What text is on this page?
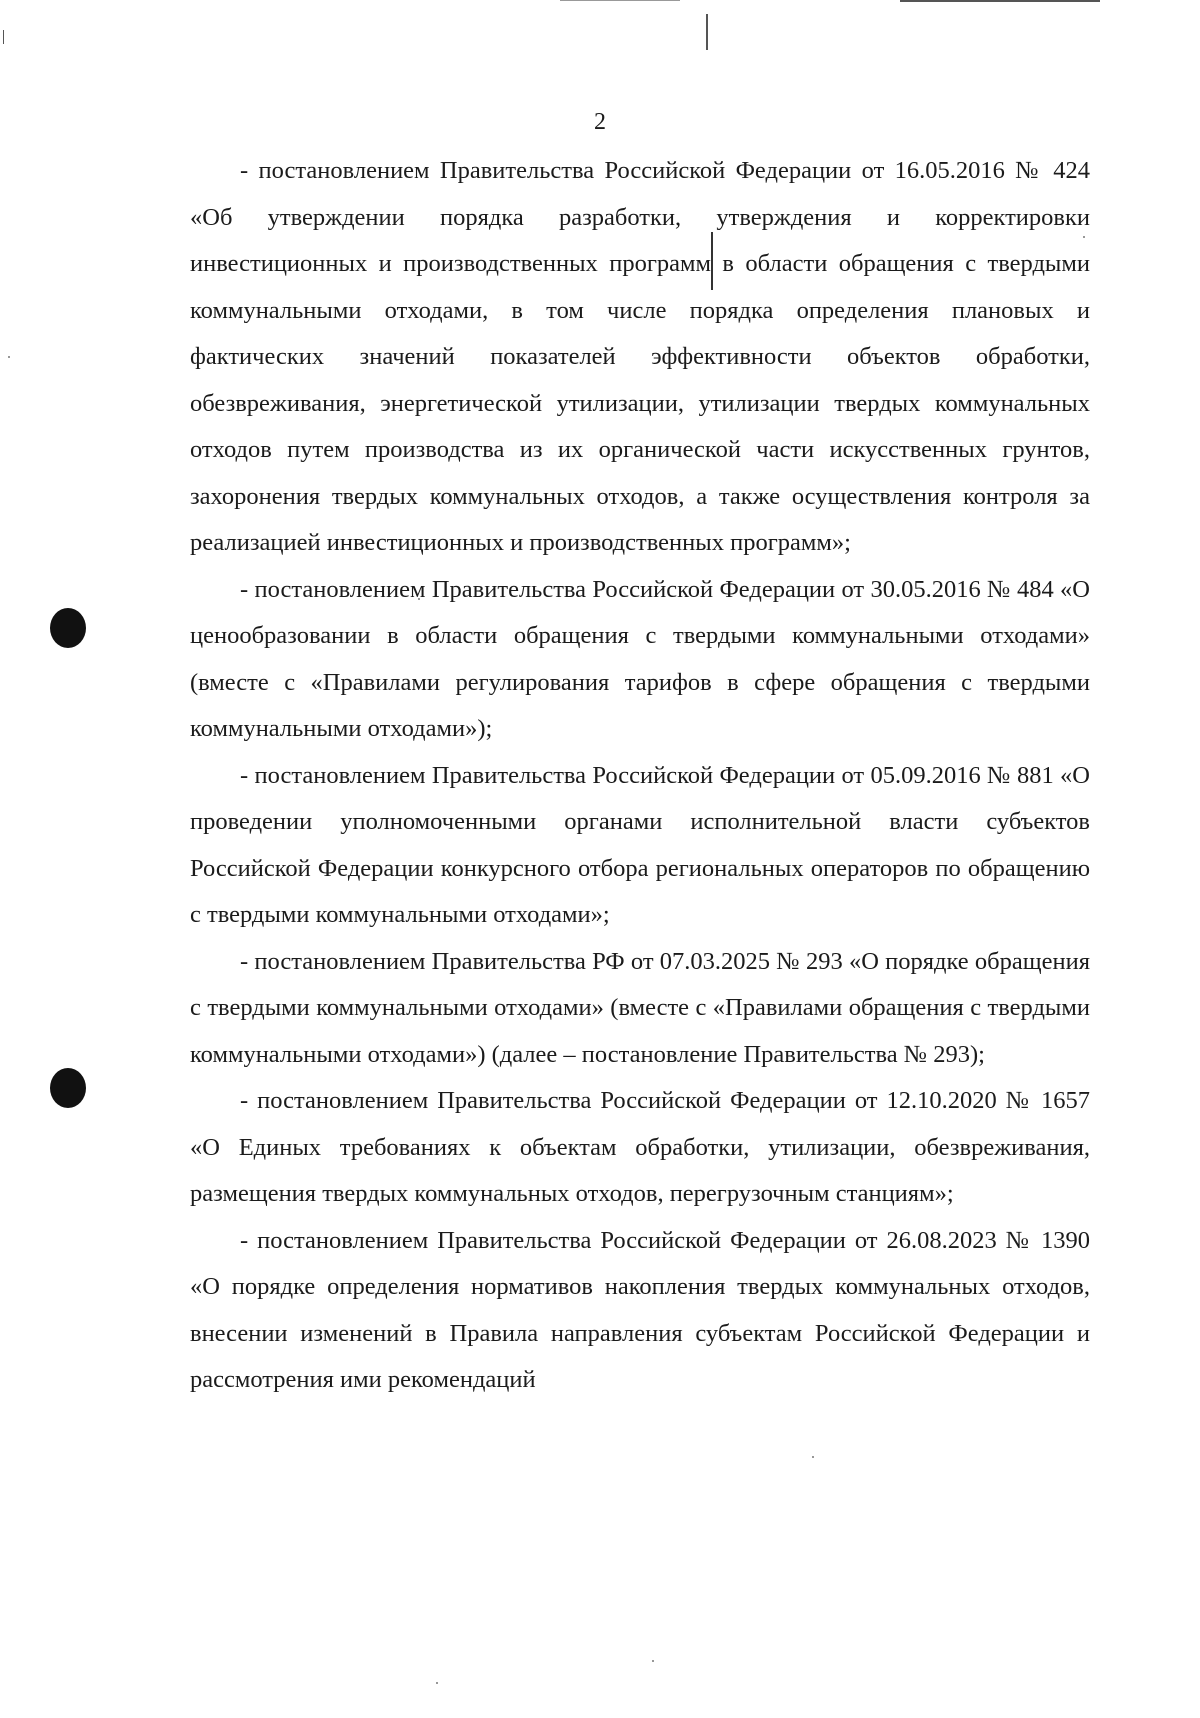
2

- постановлением Правительства Российской Федерации от 16.05.2016 № 424 «Об утверждении порядка разработки, утверждения и корректировки инвестиционных и производственных программ в области обращения с твердыми коммунальными отходами, в том числе порядка определения плановых и фактических значений показателей эффективности объектов обработки, обезвреживания, энергетической утилизации, утилизации твердых коммунальных отходов путем производства из их органической части искусственных грунтов, захоронения твердых коммунальных отходов, а также осуществления контроля за реализацией инвестиционных и производственных программ»;

- постановлением Правительства Российской Федерации от 30.05.2016 № 484 «О ценообразовании в области обращения с твердыми коммунальными отходами» (вместе с «Правилами регулирования тарифов в сфере обращения с твердыми коммунальными отходами»);

- постановлением Правительства Российской Федерации от 05.09.2016 № 881 «О проведении уполномоченными органами исполнительной власти субъектов Российской Федерации конкурсного отбора региональных операторов по обращению с твердыми коммунальными отходами»;

- постановлением Правительства РФ от 07.03.2025 № 293 «О порядке обращения с твердыми коммунальными отходами» (вместе с «Правилами обращения с твердыми коммунальными отходами») (далее – постановление Правительства № 293);

- постановлением Правительства Российской Федерации от 12.10.2020 № 1657 «О Единых требованиях к объектам обработки, утилизации, обезвреживания, размещения твердых коммунальных отходов, перегрузочным станциям»;

- постановлением Правительства Российской Федерации от 26.08.2023 № 1390 «О порядке определения нормативов накопления твердых коммунальных отходов, внесении изменений в Правила направления субъектам Российской Федерации и рассмотрения ими рекомендаций
